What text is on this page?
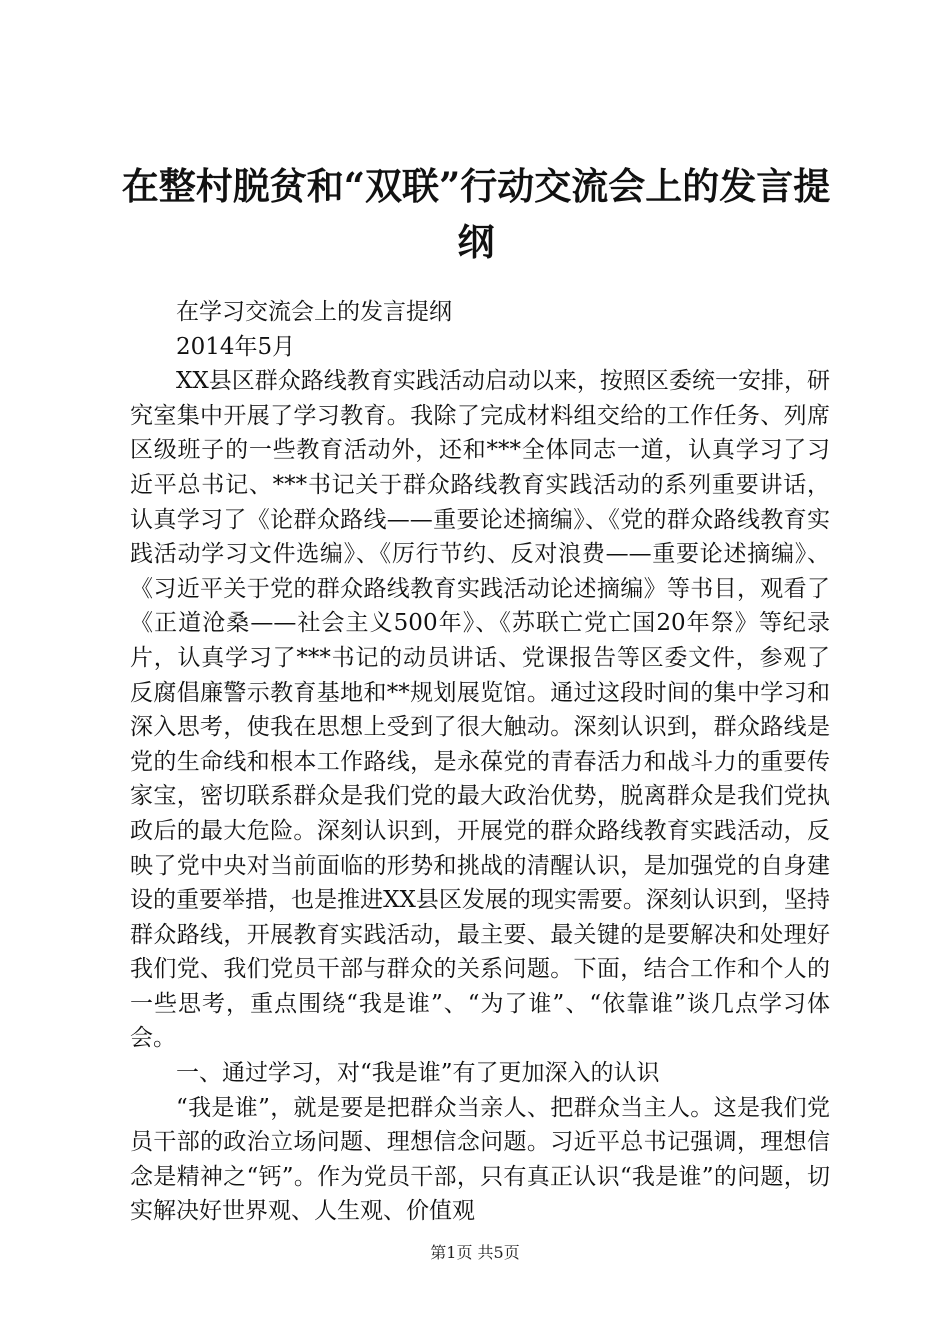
在整村脱贫和“双联”行动交流会上的发言提纲

在学习交流会上的发言提纲

2014年5月

XX县区群众路线教育实践活动启动以来，按照区委统一安排，研究室集中开展了学习教育。我除了完成材料组交给的工作任务、列席区级班子的一些教育活动外，还和***全体同志一道，认真学习了习近平总书记、***书记关于群众路线教育实践活动的系列重要讲话，认真学习了《论群众路线——重要论述摘编》、《党的群众路线教育实践活动学习文件选编》、《厉行节约、反对浪费——重要论述摘编》、《习近平关于党的群众路线教育实践活动论述摘编》等书目，观看了《正道沧桑——社会主义500年》、《苏联亡党亡国20年祭》等纪录片，认真学习了***书记的动员讲话、党课报告等区委文件，参观了反腐倡廉警示教育基地和**规划展览馆。通过这段时间的集中学习和深入思考，使我在思想上受到了很大触动。深刻认识到，群众路线是党的生命线和根本工作路线，是永葆党的青春活力和战斗力的重要传家宝，密切联系群众是我们党的最大政治优势，脱离群众是我们党执政后的最大危险。深刻认识到，开展党的群众路线教育实践活动，反映了党中央对当前面临的形势和挑战的清醒认识，是加强党的自身建设的重要举措，也是推进XX县区发展的现实需要。深刻认识到，坚持群众路线，开展教育实践活动，最主要、最关键的是要解决和处理好我们党、我们党员干部与群众的关系问题。下面，结合工作和个人的一些思考，重点围绕“我是谁”、“为了谁”、“依靠谁”谈几点学习体会。

一、通过学习，对“我是谁”有了更加深入的认识

“我是谁”，就是要是把群众当亲人、把群众当主人。这是我们党员干部的政治立场问题、理想信念问题。习近平总书记强调，理想信念是精神之“钙”。作为党员干部，只有真正认识“我是谁”的问题，切实解决好世界观、人生观、价值观

第1页 共5页
